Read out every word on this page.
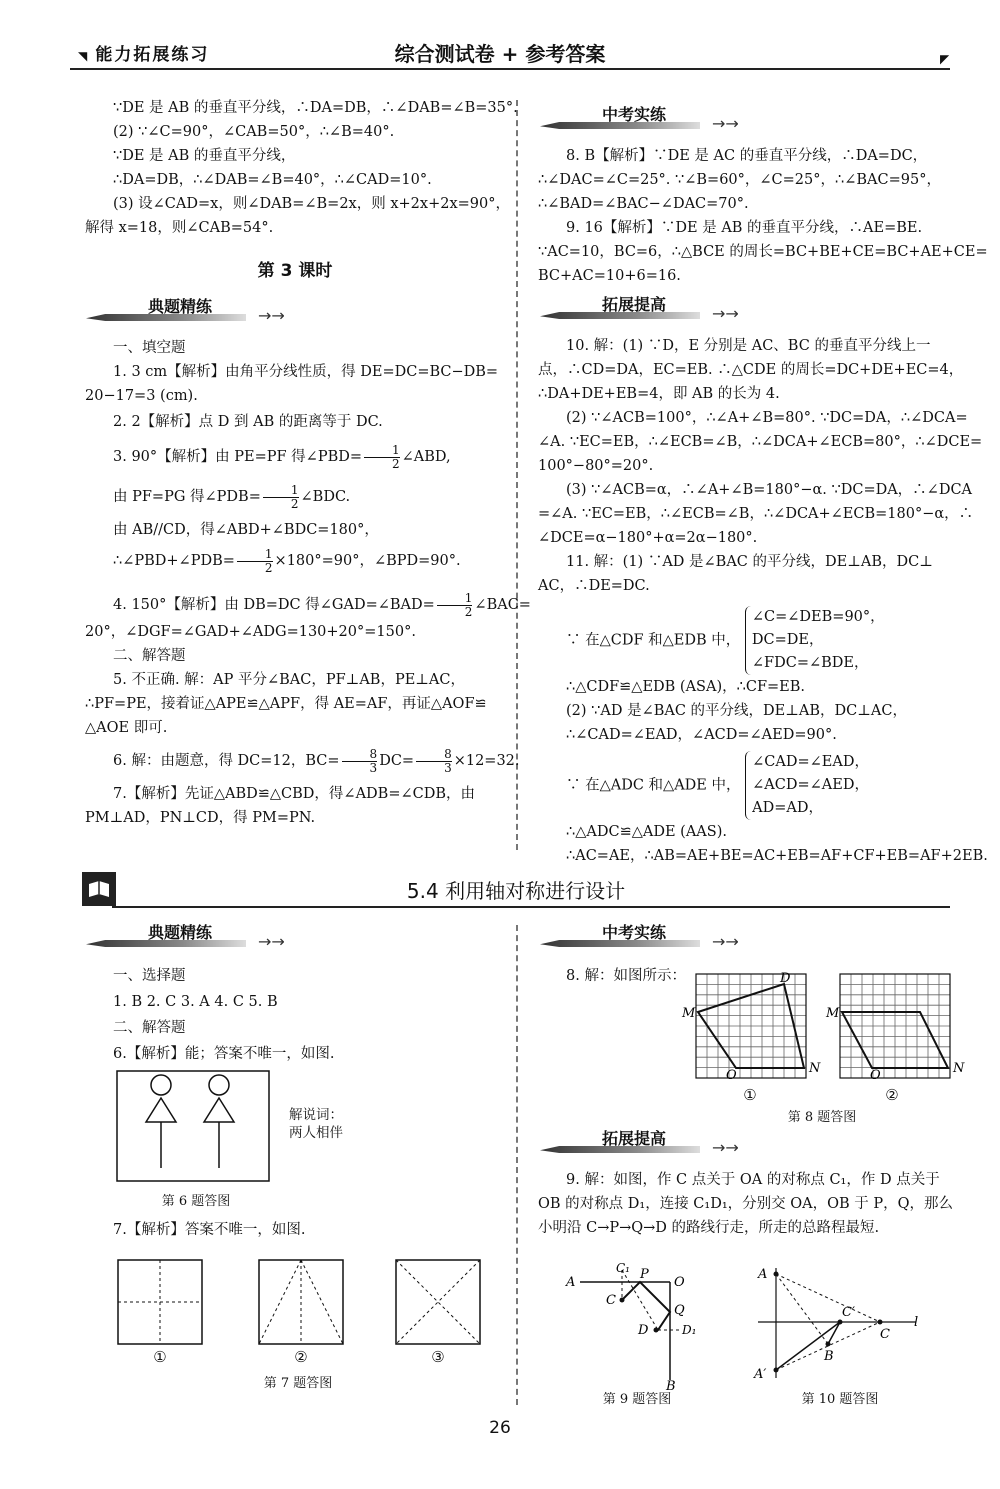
◥ 能力拓展练习	综合测试卷 + 参考答案	◤

∵DE 是 AB 的垂直平分线，∴DA=DB，∴∠DAB=∠B=35°.

(2) ∵∠C=90°，∠CAB=50°，∴∠B=40°.

∵DE 是 AB 的垂直平分线，

∴DA=DB，∴∠DAB=∠B=40°，∴∠CAD=10°.

(3) 设∠CAD=x，则∠DAB=∠B=2x，则 x+2x+2x=90°，

解得 x=18，则∠CAB=54°.

第 3 课时
典题精练	→→

一、填空题

1. 3 cm【解析】由角平分线性质，得 DE=DC=BC−DB=

20−17=3 (cm).

2. 2【解析】点 D 到 AB 的距离等于 DC.

3. 90°【解析】由 PE=PF 得∠PBD= $\frac{1}{2}$ ∠ABD,

由 PF=PG 得∠PDB= $\frac{1}{2}$ ∠BDC.

由 AB//CD，得∠ABD+∠BDC=180°，

∴∠PBD+∠PDB= $\frac{1}{2} \times 180^\circ=90^\circ$，∠BPD=90°.

4. 150°【解析】由 DB=DC 得∠GAD=∠BAD= $\frac{1}{2}$ ∠BAC=

20°，∠DGF=∠GAD+∠ADG=130+20°=150°.

二、解答题

5. 不正确. 解：AP 平分∠BAC，PF⊥AB，PE⊥AC，

∴PF=PE，接着证△APE≌△APF，得 AE=AF，再证△AOF≌

△AOE 即可.

6. 解：由题意，得 DC=12，$BC= \frac{8}{3} DC= \frac{8}{3} \times 12=32$.

7.【解析】先证△ABD≌△CBD，得∠ADB=∠CDB，由

PM⊥AD，PN⊥CD，得 PM=PN.

中考实练	→→

8. B【解析】∵DE 是 AC 的垂直平分线，∴DA=DC，

∴∠DAC=∠C=25°. ∵∠B=60°，∠C=25°，∴∠BAC=95°，

∴∠BAD=∠BAC−∠DAC=70°.

9. 16【解析】∵DE 是 AB 的垂直平分线，∴AE=BE.

∵AC=10，BC=6，∴△BCE 的周长=BC+BE+CE=BC+AE+CE=

BC+AC=10+6=16.

拓展提高	→→

10. 解：(1) ∵D，E 分别是 AC、BC 的垂直平分线上一

点，∴CD=DA，EC=EB. ∴△CDE 的周长=DC+DE+EC=4，

∴DA+DE+EB=4，即 AB 的长为 4.

(2) ∵∠ACB=100°，∴∠A+∠B=80°. ∵DC=DA，∴∠DCA=

∠A. ∵EC=EB，∴∠ECB=∠B，∴∠DCA+∠ECB=80°，∴∠DCE=

100°−80°=20°.

(3) ∵∠ACB=α，∴∠A+∠B=180°−α. ∵DC=DA，∴∠DCA

=∠A. ∵EC=EB，∴∠ECB=∠B，∴∠DCA+∠ECB=180°−α，∴

∠DCE=α−180°+α=2α−180°.

11. 解：(1) ∵AD 是∠BAC 的平分线，DE⊥AB，DC⊥

AC，∴DE=DC.

∵ 在△CDF 和△EDB 中，
∠C=∠DEB=90°，
DC=DE，
∠FDC=∠BDE，

∴△CDF≌△EDB (ASA)，∴CF=EB.

(2) ∵AD 是∠BAC 的平分线，DE⊥AB，DC⊥AC，

∴∠CAD=∠EAD，∠ACD=∠AED=90°.

∵ 在△ADC 和△ADE 中，
∠CAD=∠EAD，
∠ACD=∠AED，
AD=AD，

∴△ADC≌△ADE (AAS).

∴AC=AE，∴AB=AE+BE=AC+EB=AF+CF+EB=AF+2EB.

5.4 利用轴对称进行设计
典题精练	→→

一、选择题

1. B 2. C 3. A 4. C 5. B

二、解答题

6.【解析】能；答案不唯一，如图.

解说词：
两人相伴
第 6 题答图

7.【解析】答案不唯一，如图.

①	②	③
第 7 题答图
中考实练	→→

8. 解：如图所示：

M
D
N
O
M
N
O
①	②
第 8 题答图
拓展提高	→→

9. 解：如图，作 C 点关于 OA 的对称点 C₁，作 D 点关于

OB 的对称点 D₁，连接 C₁D₁，分别交 OA，OB 于 P，Q，那么

小明沿 C→P→Q→D 的路线行走，所走的总路程最短.

A
C₁ P
O
Q
C
D	D₁
B
第 9 题答图
A
A′
B
C′
C
l
第 10 题答图
26
